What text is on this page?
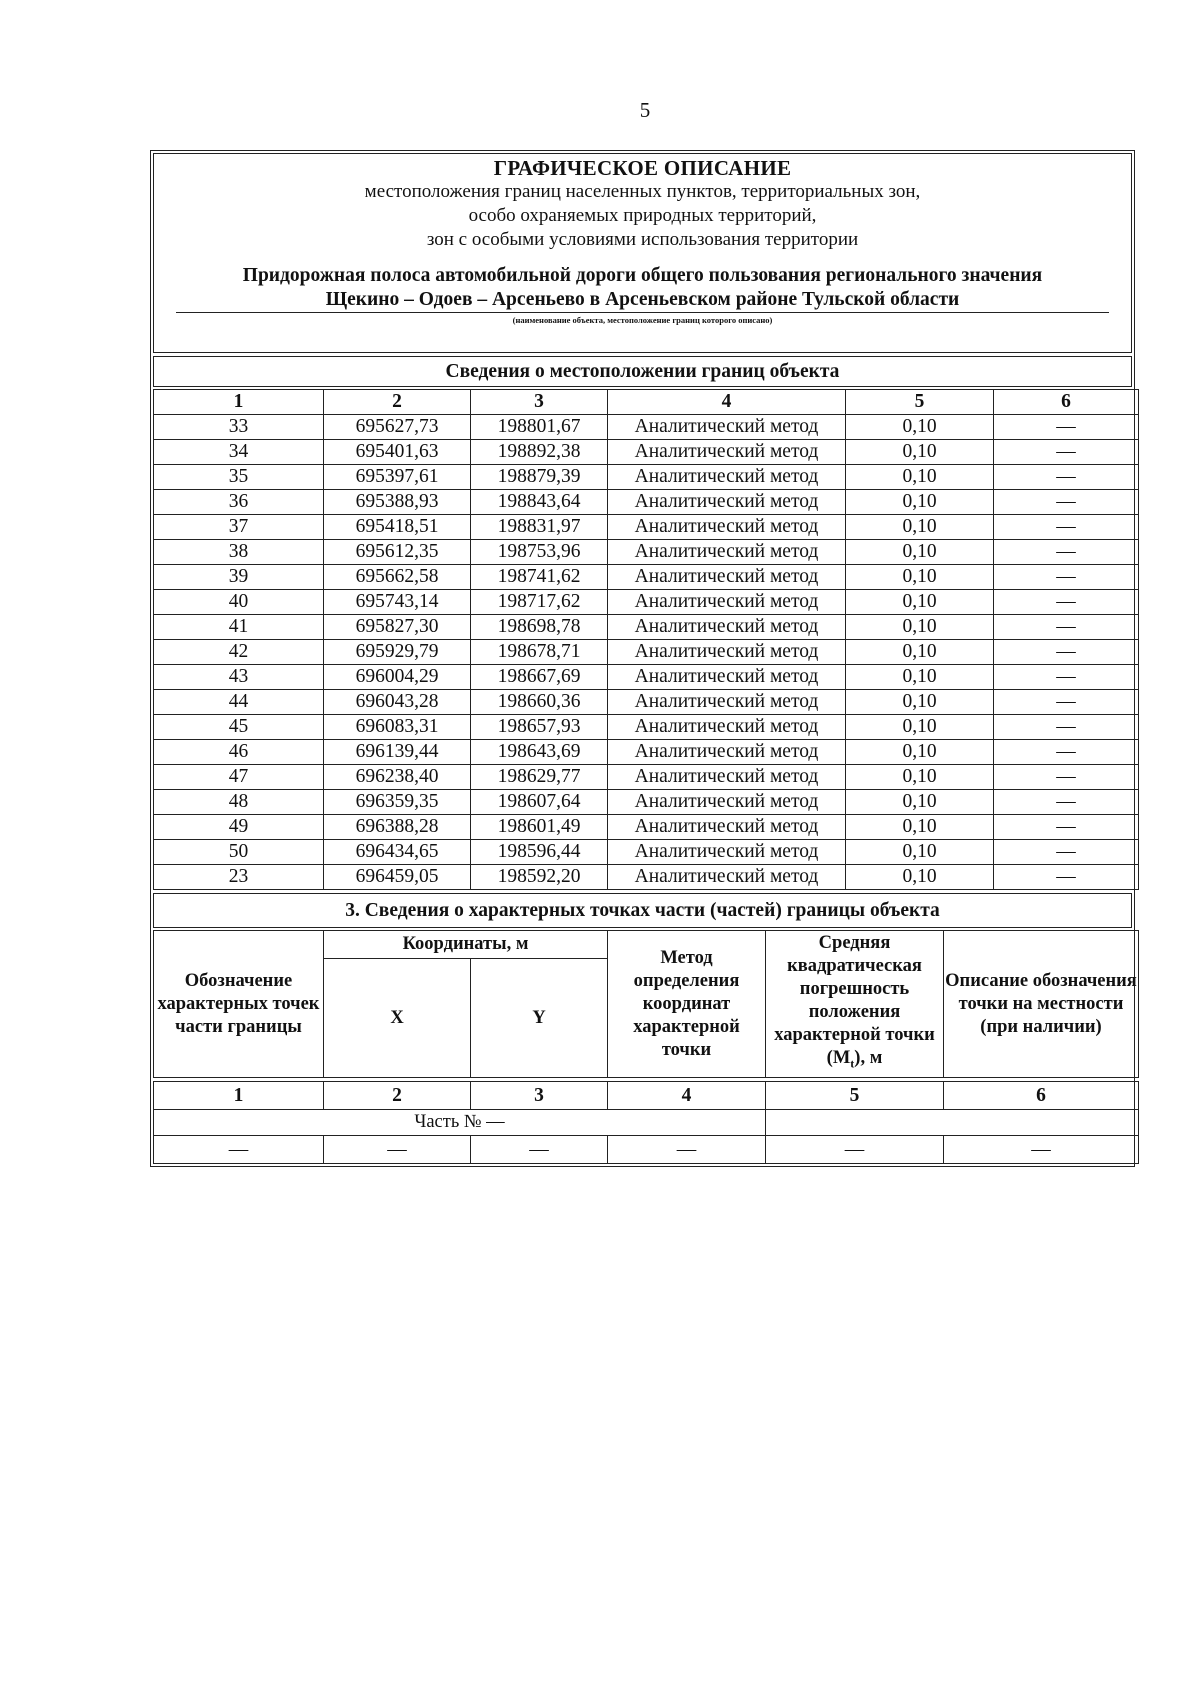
5
ГРАФИЧЕСКОЕ ОПИСАНИЕ
местоположения границ населенных пунктов, территориальных зон,
особо охраняемых природных территорий,
зон с особыми условиями использования территории
Придорожная полоса автомобильной дороги общего пользования регионального значения
Щекино – Одоев – Арсеньево в Арсеньевском районе Тульской области
(наименование объекта, местоположение границ которого описано)
Сведения о местоположении границ объекта
1	2	3	4	5	6
33	695627,73	198801,67	Аналитический метод	0,10	—
34	695401,63	198892,38	Аналитический метод	0,10	—
35	695397,61	198879,39	Аналитический метод	0,10	—
36	695388,93	198843,64	Аналитический метод	0,10	—
37	695418,51	198831,97	Аналитический метод	0,10	—
38	695612,35	198753,96	Аналитический метод	0,10	—
39	695662,58	198741,62	Аналитический метод	0,10	—
40	695743,14	198717,62	Аналитический метод	0,10	—
41	695827,30	198698,78	Аналитический метод	0,10	—
42	695929,79	198678,71	Аналитический метод	0,10	—
43	696004,29	198667,69	Аналитический метод	0,10	—
44	696043,28	198660,36	Аналитический метод	0,10	—
45	696083,31	198657,93	Аналитический метод	0,10	—
46	696139,44	198643,69	Аналитический метод	0,10	—
47	696238,40	198629,77	Аналитический метод	0,10	—
48	696359,35	198607,64	Аналитический метод	0,10	—
49	696388,28	198601,49	Аналитический метод	0,10	—
50	696434,65	198596,44	Аналитический метод	0,10	—
23	696459,05	198592,20	Аналитический метод	0,10	—
3. Сведения о характерных точках части (частей) границы объекта
Обозначение характерных точек части границы	Координаты, м		Метод определения координат характерной точки	Средняя квадратическая погрешность положения характерной точки $(M_t)$, м	Описание обозначения точки на местности (при наличии)
	X	Y			
1	2	3	4	5	6
Часть № —					
—	—	—	—	—	—
